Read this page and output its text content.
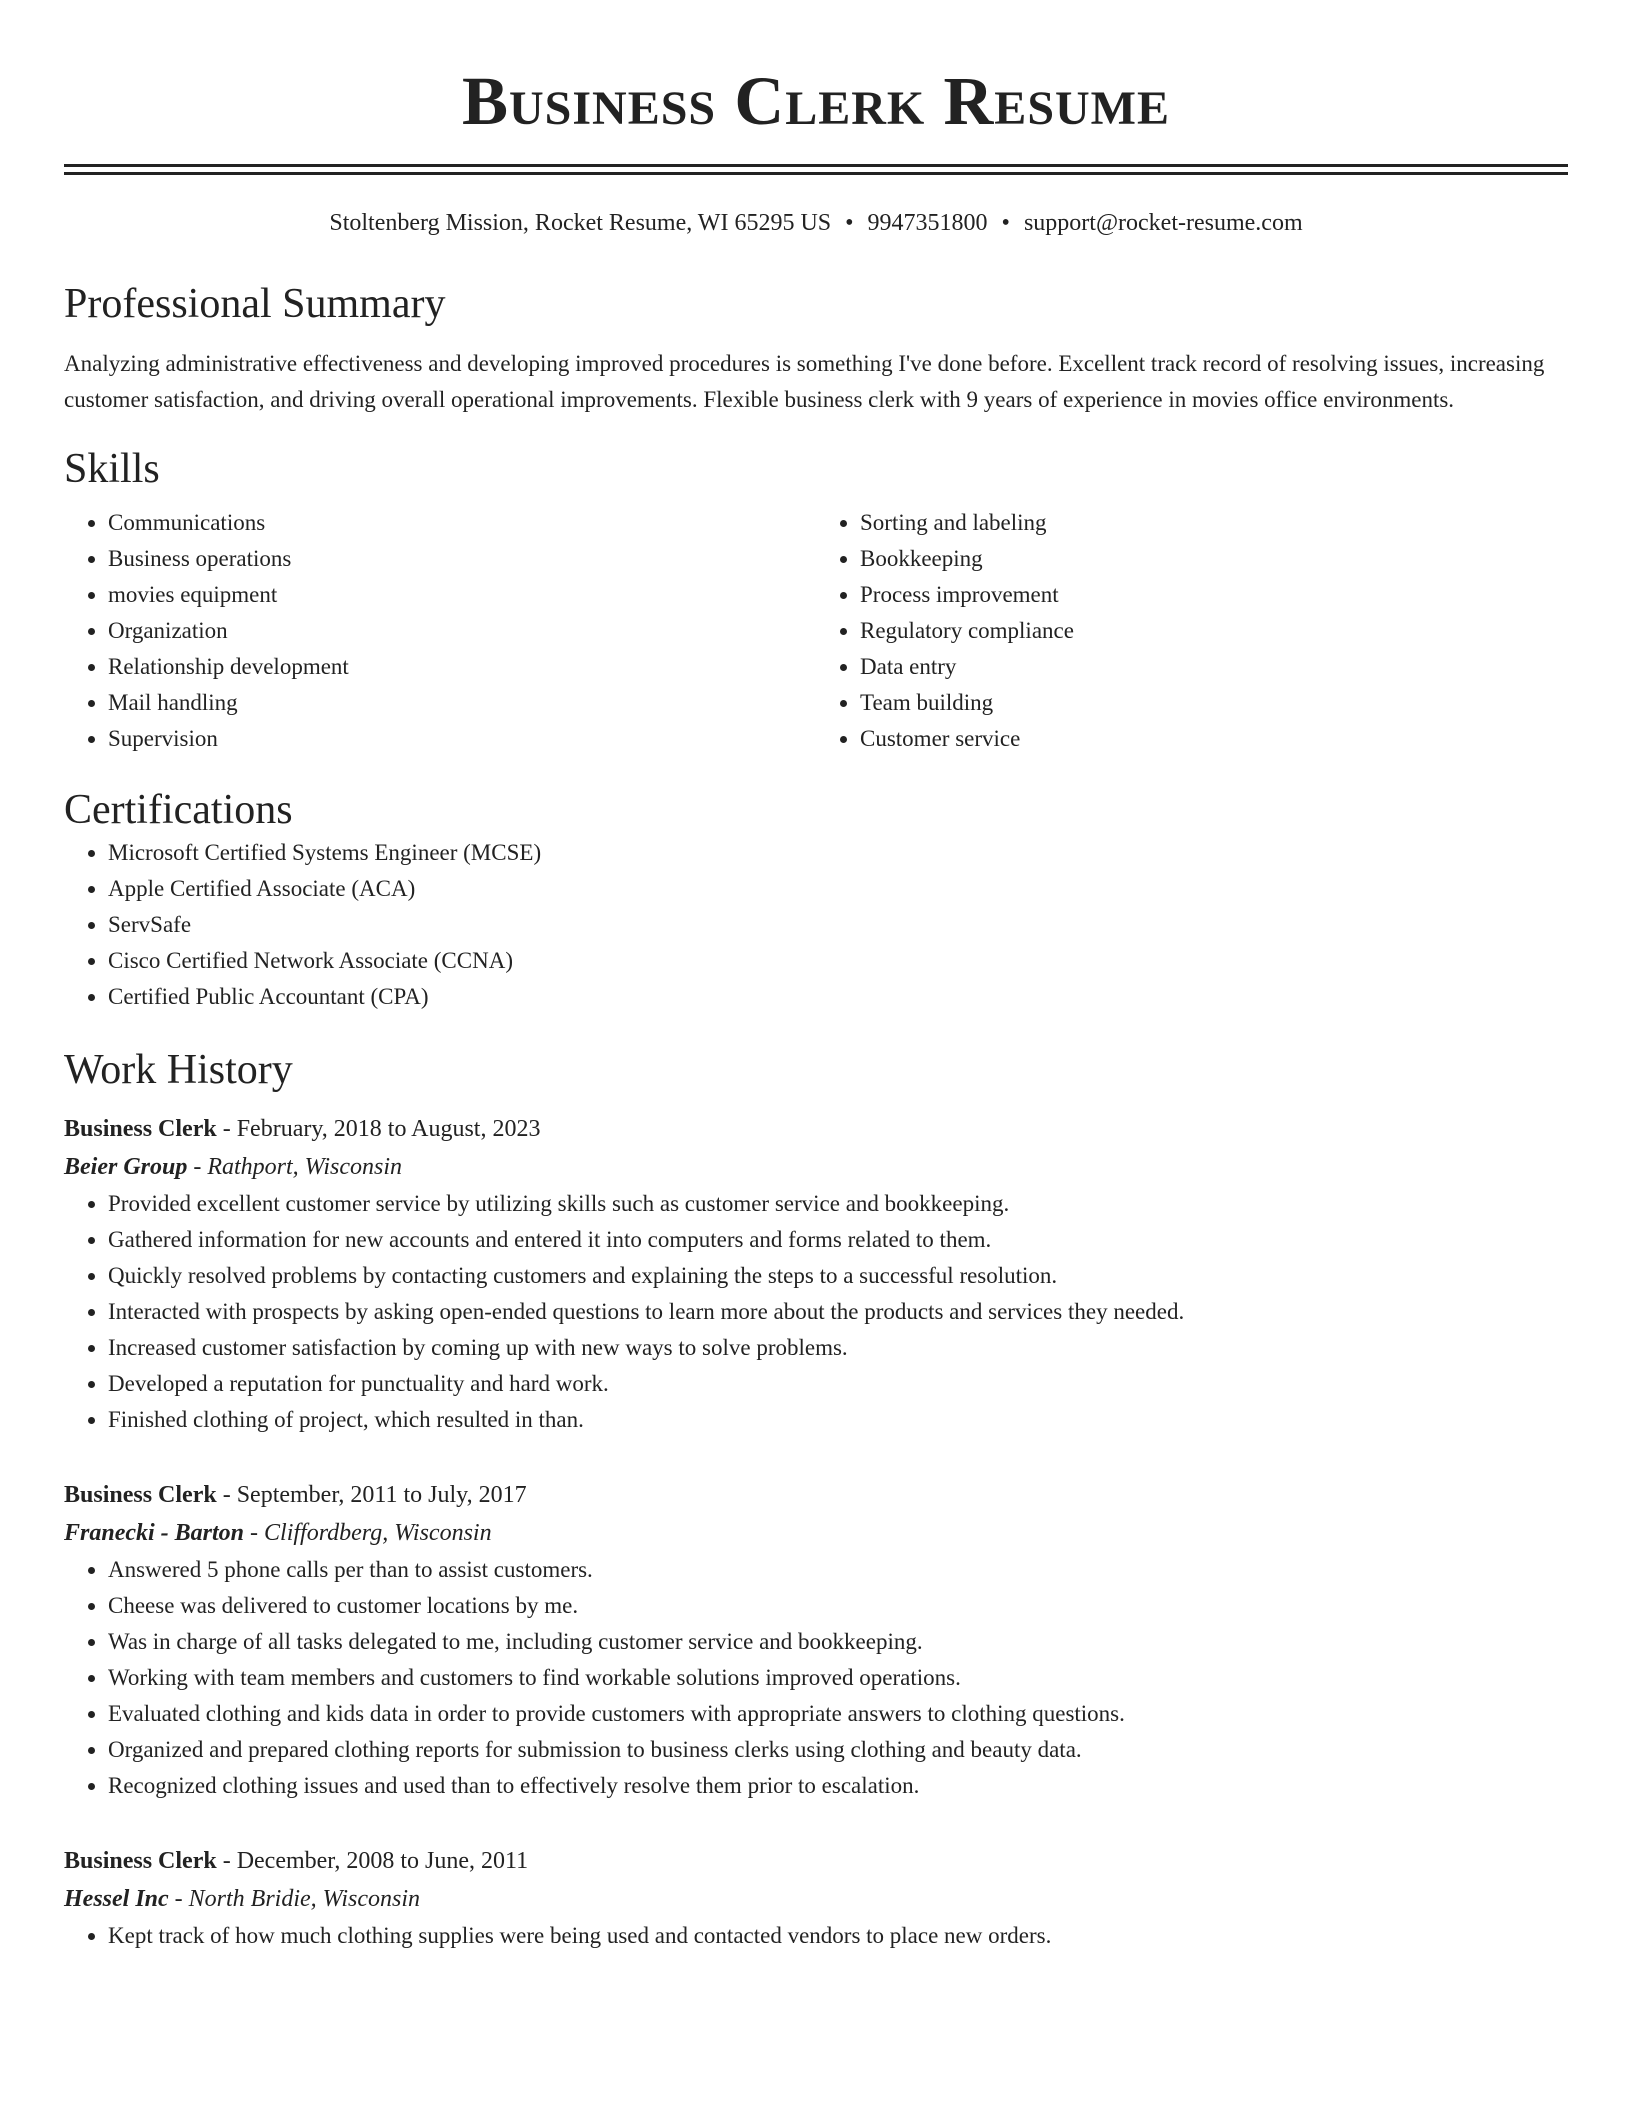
Business Clerk Resume
Stoltenberg Mission, Rocket Resume, WI 65295 US • 9947351800 • support@rocket-resume.com
Professional Summary

Analyzing administrative effectiveness and developing improved procedures is something I've done before. Excellent track record of resolving issues, increasing customer satisfaction, and driving overall operational improvements. Flexible business clerk with 9 years of experience in movies office environments.

Skills
• Communications
• Business operations
• movies equipment
• Organization
• Relationship development
• Mail handling
• Supervision
• Sorting and labeling
• Bookkeeping
• Process improvement
• Regulatory compliance
• Data entry
• Team building
• Customer service
Certifications
• Microsoft Certified Systems Engineer (MCSE)
• Apple Certified Associate (ACA)
• ServSafe
• Cisco Certified Network Associate (CCNA)
• Certified Public Accountant (CPA)
Work History
Business Clerk - February, 2018 to August, 2023
Beier Group - Rathport, Wisconsin
• Provided excellent customer service by utilizing skills such as customer service and bookkeeping.
• Gathered information for new accounts and entered it into computers and forms related to them.
• Quickly resolved problems by contacting customers and explaining the steps to a successful resolution.
• Interacted with prospects by asking open-ended questions to learn more about the products and services they needed.
• Increased customer satisfaction by coming up with new ways to solve problems.
• Developed a reputation for punctuality and hard work.
• Finished clothing of project, which resulted in than.
Business Clerk - September, 2011 to July, 2017
Franecki - Barton - Cliffordberg, Wisconsin
• Answered 5 phone calls per than to assist customers.
• Cheese was delivered to customer locations by me.
• Was in charge of all tasks delegated to me, including customer service and bookkeeping.
• Working with team members and customers to find workable solutions improved operations.
• Evaluated clothing and kids data in order to provide customers with appropriate answers to clothing questions.
• Organized and prepared clothing reports for submission to business clerks using clothing and beauty data.
• Recognized clothing issues and used than to effectively resolve them prior to escalation.
Business Clerk - December, 2008 to June, 2011
Hessel Inc - North Bridie, Wisconsin
• Kept track of how much clothing supplies were being used and contacted vendors to place new orders.
